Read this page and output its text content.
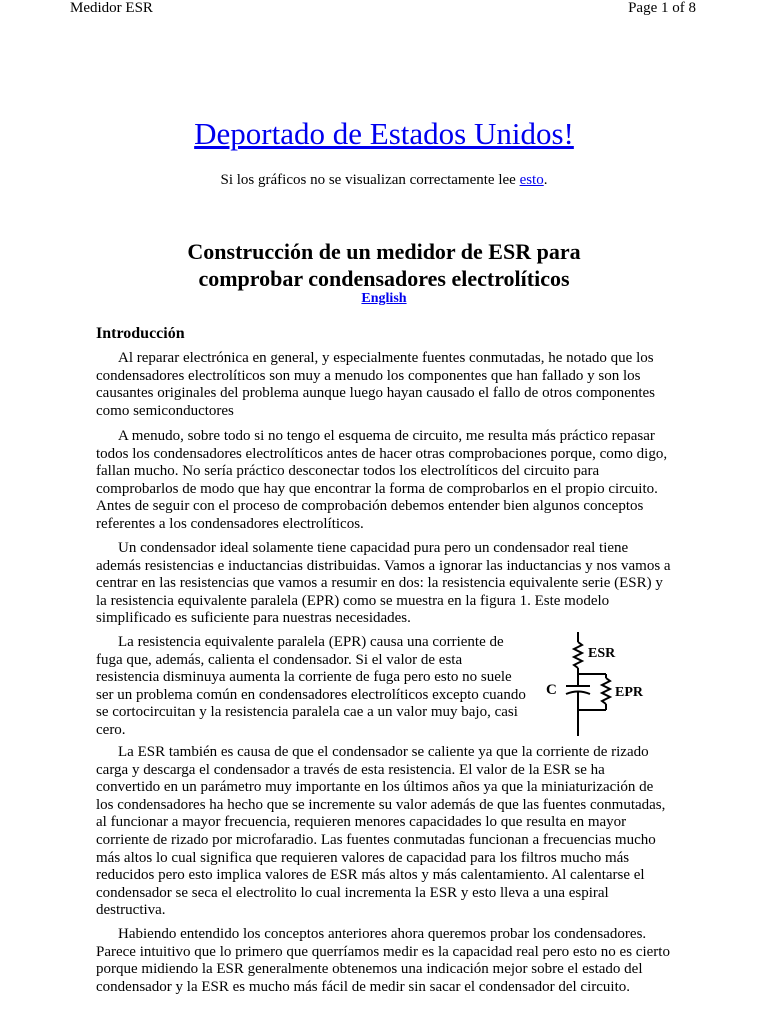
Medidor ESR	Page 1 of 8
Deportado de Estados Unidos!
Si los gráficos no se visualizan correctamente lee esto.
Construcción de un medidor de ESR para
comprobar condensadores electrolíticos
English
Introducción
Al reparar electrónica en general, y especialmente fuentes conmutadas, he notado que los condensadores electrolíticos son muy a menudo los componentes que han fallado y son los causantes originales del problema aunque luego hayan causado el fallo de otros componentes como semiconductores
A menudo, sobre todo si no tengo el esquema de circuito, me resulta más práctico repasar todos los condensadores electrolíticos antes de hacer otras comprobaciones porque, como digo, fallan mucho. No sería práctico desconectar todos los electrolíticos del circuito para comprobarlos de modo que hay que encontrar la forma de comprobarlos en el propio circuito. Antes de seguir con el proceso de comprobación debemos entender bien algunos conceptos referentes a los condensadores electrolíticos.
Un condensador ideal solamente tiene capacidad pura pero un condensador real tiene además resistencias e inductancias distribuidas. Vamos a ignorar las inductancias y nos vamos a centrar en las resistencias que vamos a resumir en dos: la resistencia equivalente serie (ESR) y la resistencia equivalente paralela (EPR) como se muestra en la figura 1. Este modelo simplificado es suficiente para nuestras necesidades.
La resistencia equivalente paralela (EPR) causa una corriente de fuga que, además, calienta el condensador. Si el valor de esta resistencia disminuya aumenta la corriente de fuga pero esto no suele ser un problema común en condensadores electrolíticos excepto cuando se cortocircuitan y la resistencia paralela cae a un valor muy bajo, casi cero.
La ESR también es causa de que el condensador se caliente ya que la corriente de rizado carga y descarga el condensador a través de esta resistencia. El valor de la ESR se ha convertido en un parámetro muy importante en los últimos años ya que la miniaturización de los condensadores ha hecho que se incremente su valor además de que las fuentes conmutadas, al funcionar a mayor frecuencia, requieren menores capacidades lo que resulta en mayor corriente de rizado por microfaradio. Las fuentes conmutadas funcionan a frecuencias mucho más altos lo cual significa que requieren valores de capacidad para los filtros mucho más reducidos pero esto implica valores de ESR más altos y más calentamiento. Al calentarse el condensador se seca el electrolito lo cual incrementa la ESR y esto lleva a una espiral destructiva.
Habiendo entendido los conceptos anteriores ahora queremos probar los condensadores. Parece intuitivo que lo primero que querríamos medir es la capacidad real pero esto no es cierto porque midiendo la ESR generalmente obtenemos una indicación mejor sobre el estado del condensador y la ESR es mucho más fácil de medir sin sacar el condensador del circuito.
ESR
EPR
C
